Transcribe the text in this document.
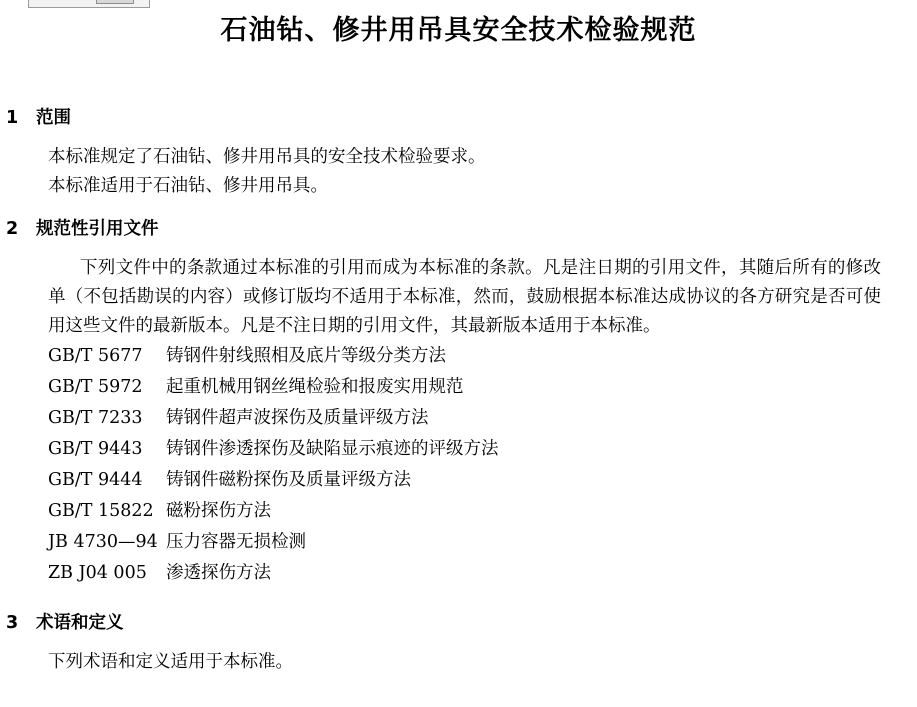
石油钻、修井用吊具安全技术检验规范
1	范围

本标准规定了石油钻、修井用吊具的安全技术检验要求。

本标准适用于石油钻、修井用吊具。

2	规范性引用文件

下列文件中的条款通过本标准的引用而成为本标准的条款。凡是注日期的引用文件，其随后所有的修改单（不包括勘误的内容）或修订版均不适用于本标准，然而，鼓励根据本标准达成协议的各方研究是否可使用这些文件的最新版本。凡是不注日期的引用文件，其最新版本适用于本标准。

GB/T 5677 铸钢件射线照相及底片等级分类方法
GB/T 5972 起重机械用钢丝绳检验和报废实用规范
GB/T 7233 铸钢件超声波探伤及质量评级方法
GB/T 9443 铸钢件渗透探伤及缺陷显示痕迹的评级方法
GB/T 9444 铸钢件磁粉探伤及质量评级方法
GB/T 15822 磁粉探伤方法
JB 4730—94 压力容器无损检测
ZB J04 005 渗透探伤方法
3	术语和定义

下列术语和定义适用于本标准。
